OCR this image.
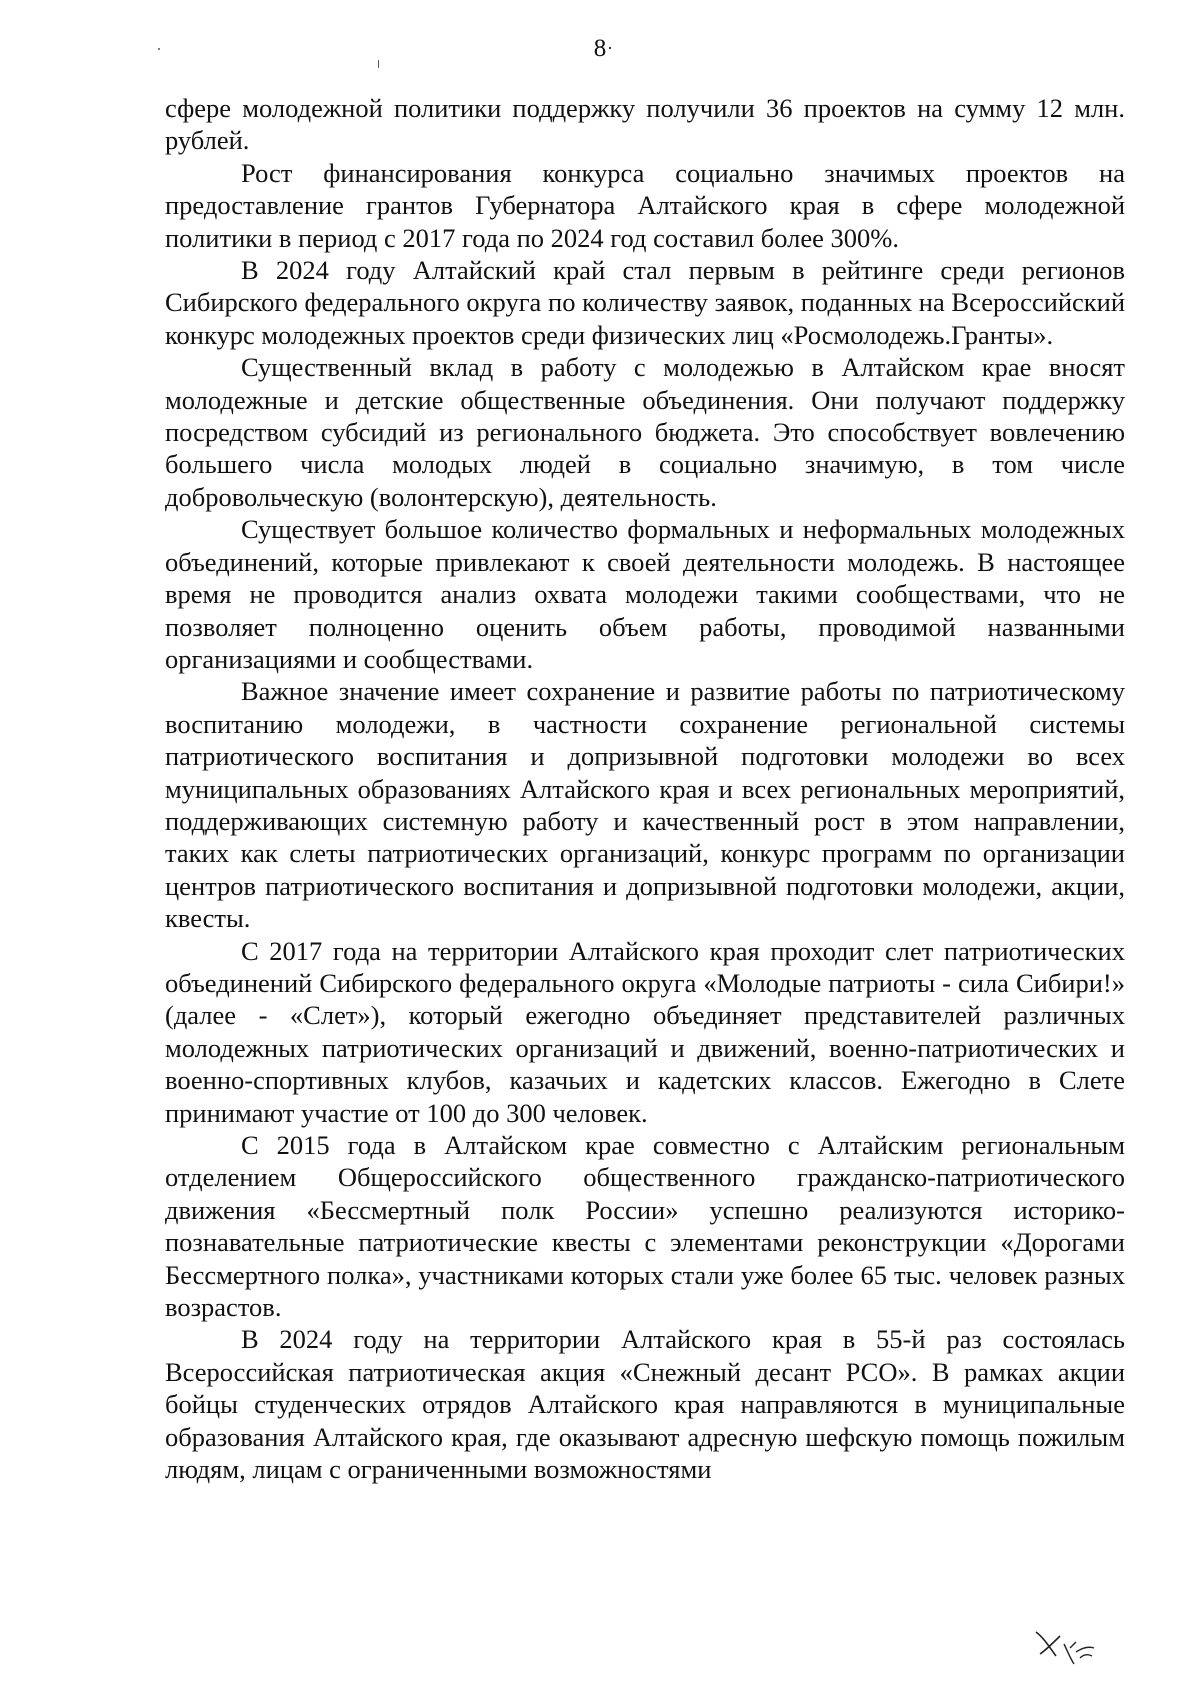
·
8

сфере молодежной политики поддержку получили 36 проектов на сумму 12 млн. рублей.

Рост финансирования конкурса социально значимых проектов на предоставление грантов Губернатора Алтайского края в сфере молодежной политики в период с 2017 года по 2024 год составил более 300%.

В 2024 году Алтайский край стал первым в рейтинге среди регионов Сибирского федерального округа по количеству заявок, поданных на Всероссийский конкурс молодежных проектов среди физических лиц «Росмолодежь.Гранты».

Существенный вклад в работу с молодежью в Алтайском крае вносят молодежные и детские общественные объединения. Они получают поддержку посредством субсидий из регионального бюджета. Это способствует вовлечению большего числа молодых людей в социально значимую, в том числе добровольческую (волонтерскую), деятельность.

Существует большое количество формальных и неформальных молодежных объединений, которые привлекают к своей деятельности молодежь. В настоящее время не проводится анализ охвата молодежи такими сообществами, что не позволяет полноценно оценить объем работы, проводимой названными организациями и сообществами.

Важное значение имеет сохранение и развитие работы по патриотическому воспитанию молодежи, в частности сохранение региональной системы патриотического воспитания и допризывной подготовки молодежи во всех муниципальных образованиях Алтайского края и всех региональных мероприятий, поддерживающих системную работу и качественный рост в этом направлении, таких как слеты патриотических организаций, конкурс программ по организации центров патриотического воспитания и допризывной подготовки молодежи, акции, квесты.

С 2017 года на территории Алтайского края проходит слет патриотических объединений Сибирского федерального округа «Молодые патриоты - сила Сибири!» (далее - «Слет»), который ежегодно объединяет представителей различных молодежных патриотических организаций и движений, военно-патриотических и военно-спортивных клубов, казачьих и кадетских классов. Ежегодно в Слете принимают участие от 100 до 300 человек.

С 2015 года в Алтайском крае совместно с Алтайским региональным отделением Общероссийского общественного гражданско-патриотического движения «Бессмертный полк России» успешно реализуются историко-познавательные патриотические квесты с элементами реконструкции «Дорогами Бессмертного полка», участниками которых стали уже более 65 тыс. человек разных возрастов.

В 2024 году на территории Алтайского края в 55-й раз состоялась Всероссийская патриотическая акция «Снежный десант РСО». В рамках акции бойцы студенческих отрядов Алтайского края направляются в муниципальные образования Алтайского края, где оказывают адресную шефскую помощь пожилым людям, лицам с ограниченными возможностями
